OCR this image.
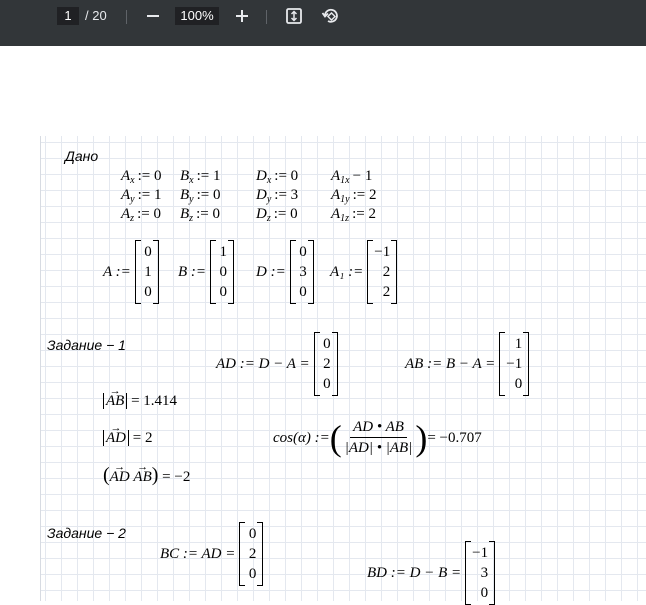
1	/ 20	100%
Дано
$A_x$ := 0 $B_x$ := 1 $D_x$ := 0 $A_{1x} - 1$
$A_y$ := 1 $B_y$ := 0 $D_y$ := 3 $A_{1y}$ := 2
$A_z$ := 0 $B_z$ := 0 $D_z$ := 0 $A_{1z}$ := 2
A :=
0
1
0
B :=
1
0
0
D :=
0
3
0
A₁ :=
−1
2
2
Задание − 1
AD := D − A =
0
2
0
AB := B − A =
1
−1
0
→ AB = 1.414
→ AD = 2
(→ AD → AB) = −2
cos(α) := ( $\frac{AD • AB}{|AD| • |AB|}$ ) = −0.707
Задание − 2
BC := AD =
0
2
0	BD := D − B =
−1
3
0
